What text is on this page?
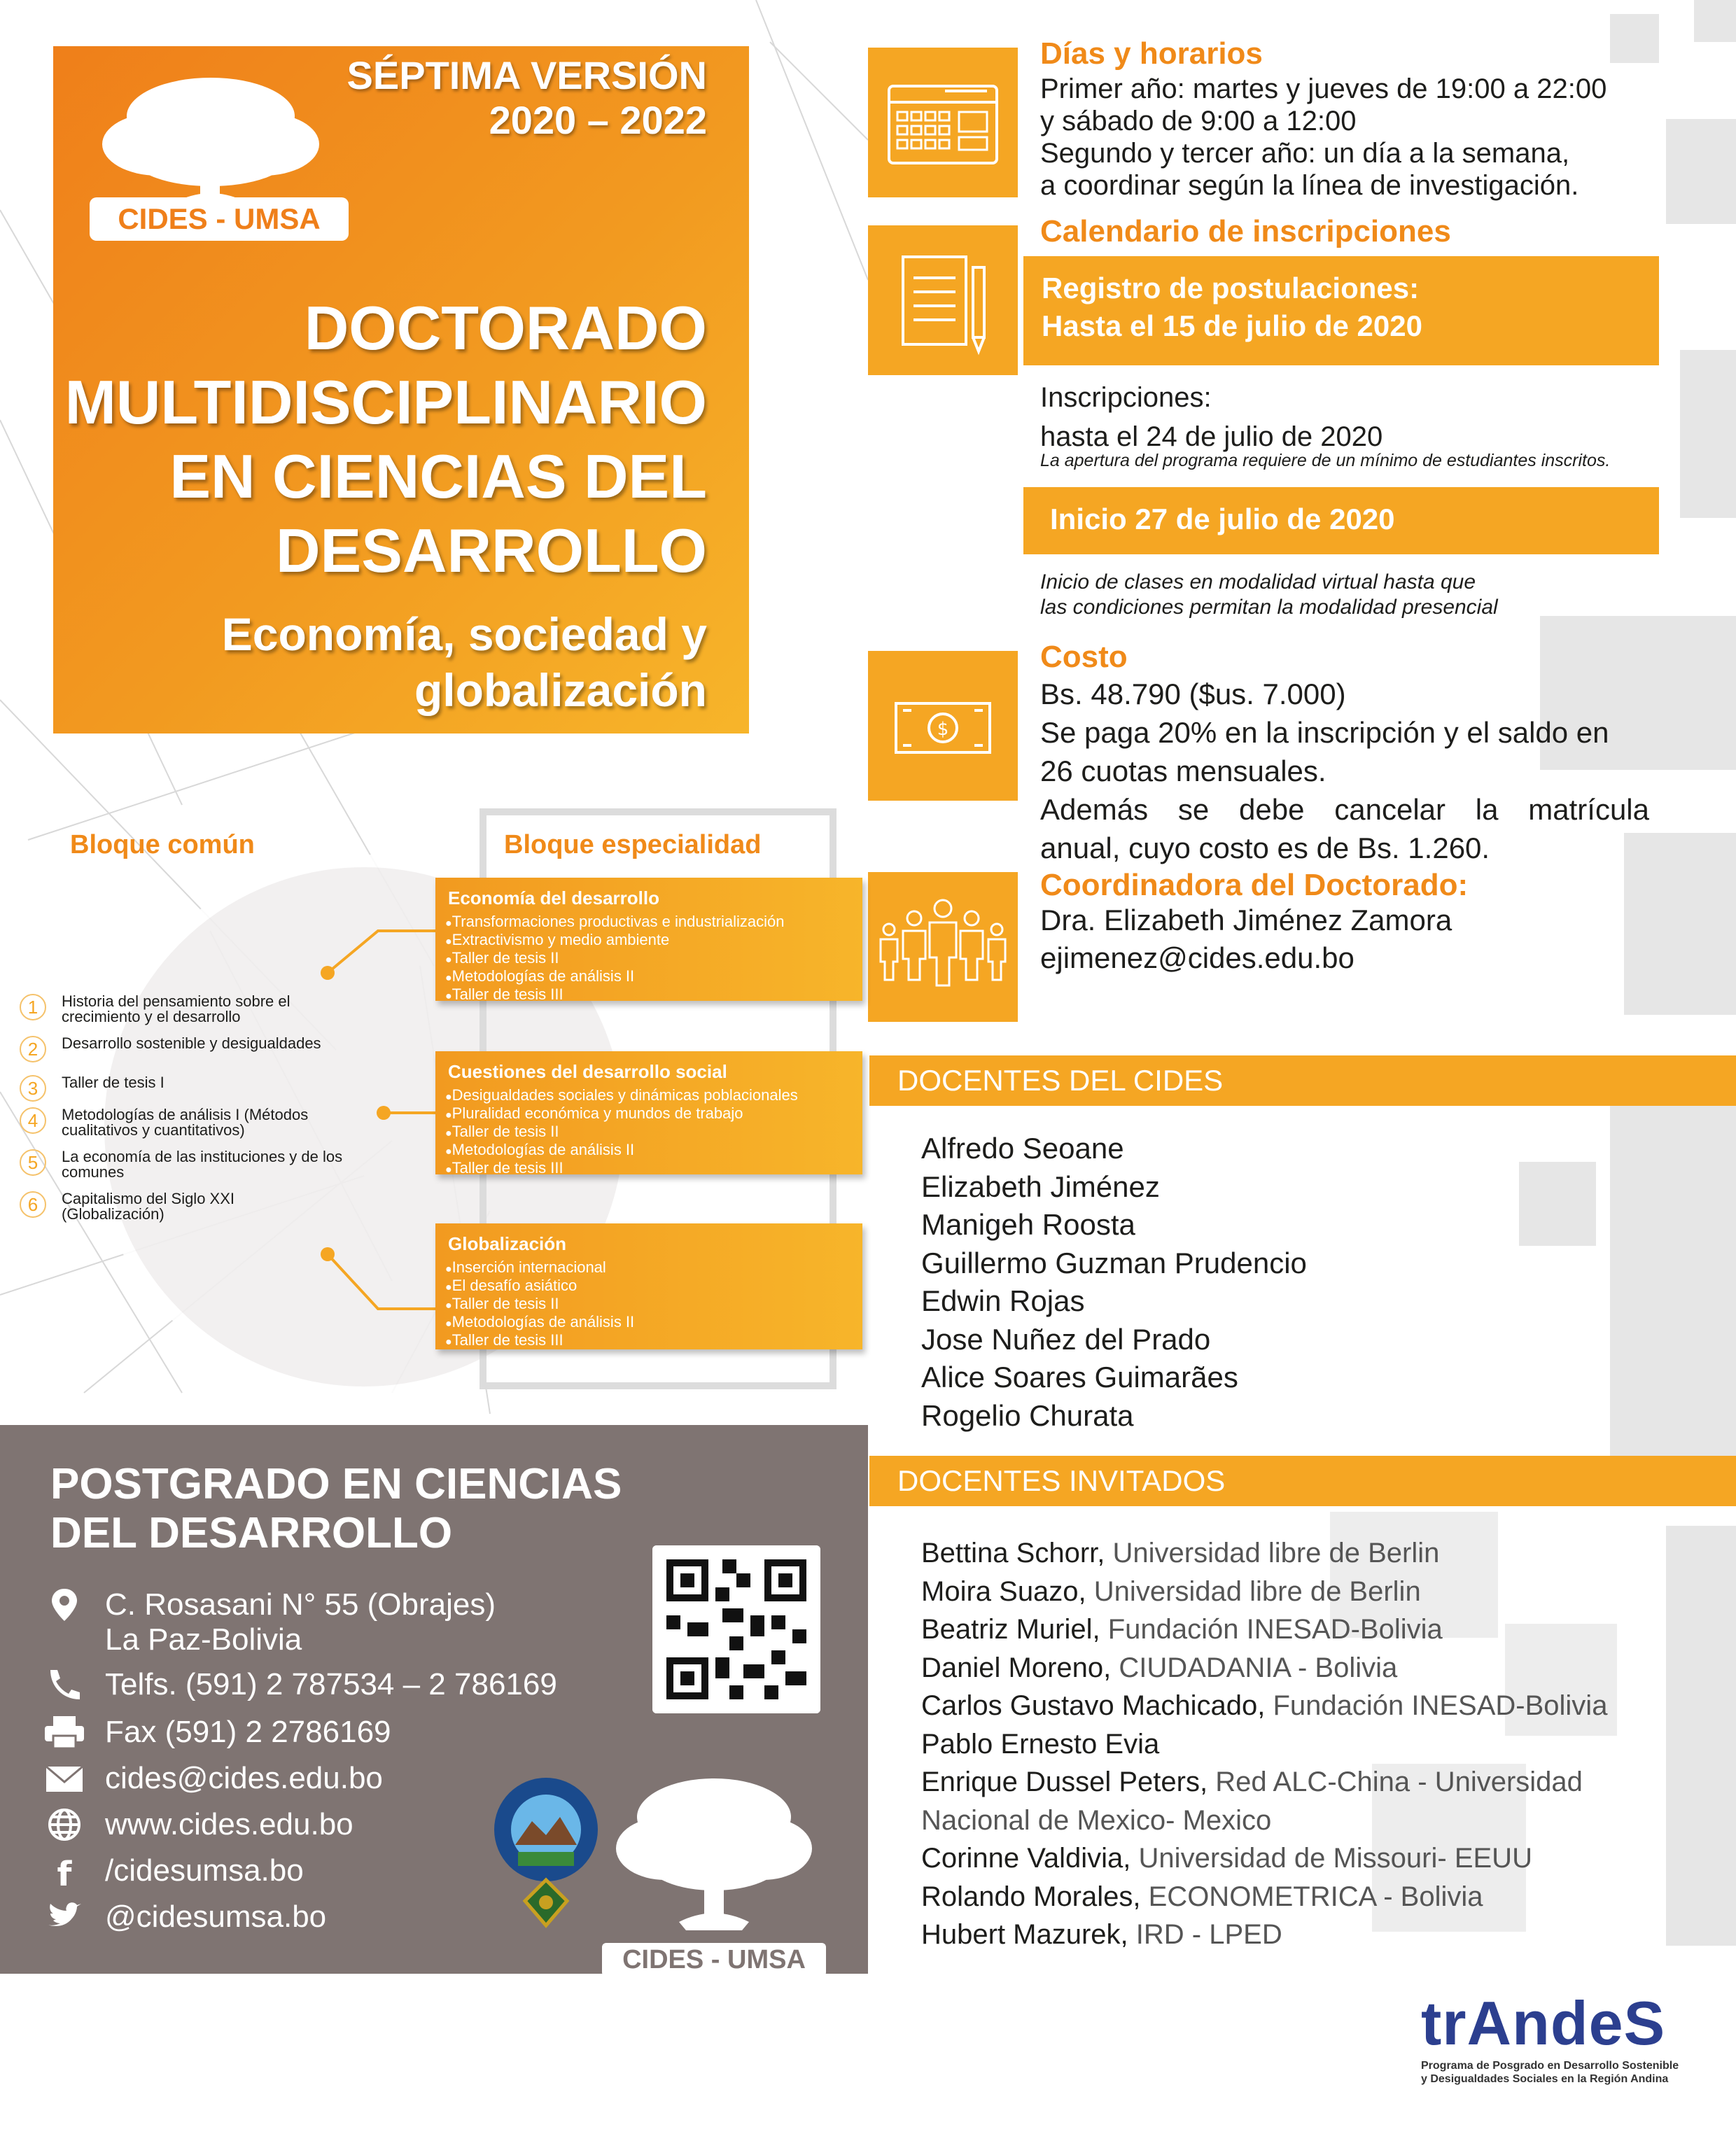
CIDES - UMSA
SÉPTIMA VERSIÓN
2020 – 2022
DOCTORADO
MULTIDISCIPLINARIO
EN CIENCIAS DEL
DESARROLLO
Economía, sociedad y
globalización
Días y horarios
Primer año: martes y jueves de 19:00 a 22:00
y sábado de 9:00 a 12:00
Segundo y tercer año: un día a la semana,
a coordinar según la línea de investigación.
Calendario de inscripciones
Registro de postulaciones:
Hasta el 15 de julio de 2020
Inscripciones:
hasta el 24 de julio de 2020
La apertura del programa requiere de un mínimo de estudiantes inscritos.
Inicio 27 de julio de 2020
Inicio de clases en modalidad virtual hasta que
las condiciones permitan la modalidad presencial
$
Costo
Bs. 48.790 ($us. 7.000)
Se paga 20% en la inscripción y el saldo en
26 cuotas mensuales.
Además se debe cancelar la matrícula
anual, cuyo costo es de Bs. 1.260.
Coordinadora del Doctorado:
Dra. Elizabeth Jiménez Zamora
ejimenez@cides.edu.bo
Bloque común	Bloque especialidad
1	Historia del pensamiento sobre el crecimiento y el desarrollo
2	Desarrollo sostenible y desigualdades
3	Taller de tesis I
4	Metodologías de análisis I (Métodos cualitativos y cuantitativos)
5	La economía de las instituciones y de los comunes
6	Capitalismo del Siglo XXI (Globalización)
Economía del desarrollo
● Transformaciones productivas e industrialización
● Extractivismo y medio ambiente
● Taller de tesis II
● Metodologías de análisis II
● Taller de tesis III
Cuestiones del desarrollo social
● Desigualdades sociales y dinámicas poblacionales
● Pluralidad económica y mundos de trabajo
● Taller de tesis II
● Metodologías de análisis II
● Taller de tesis III
Globalización
● Inserción internacional
● El desafío asiático
● Taller de tesis II
● Metodologías de análisis II
● Taller de tesis III
DOCENTES DEL CIDES
Alfredo Seoane
Elizabeth Jiménez
Manigeh Roosta
Guillermo Guzman Prudencio
Edwin Rojas
Jose Nuñez del Prado
Alice Soares Guimarães
Rogelio Churata
DOCENTES INVITADOS
Bettina Schorr, Universidad libre de Berlin
Moira Suazo, Universidad libre de Berlin
Beatriz Muriel, Fundación INESAD-Bolivia
Daniel Moreno, CIUDADANIA - Bolivia
Carlos Gustavo Machicado, Fundación INESAD-Bolivia
Pablo Ernesto Evia
Enrique Dussel Peters, Red ALC-China - Universidad
Nacional de Mexico- Mexico
Corinne Valdivia, Universidad de Missouri- EEUU
Rolando Morales, ECONOMETRICA - Bolivia
Hubert Mazurek, IRD - LPED
POSTGRADO EN CIENCIAS
DEL DESARROLLO
C. Rosasani N° 55 (Obrajes)
La Paz-Bolivia
Telfs. (591) 2 787534 – 2 786169
Fax (591) 2 2786169
cides@cides.edu.bo
www.cides.edu.bo
f /cidesumsa.bo
@cidesumsa.bo
CIDES - UMSA
trAndeS
Programa de Posgrado en Desarrollo Sostenible
y Desigualdades Sociales en la Región Andina
